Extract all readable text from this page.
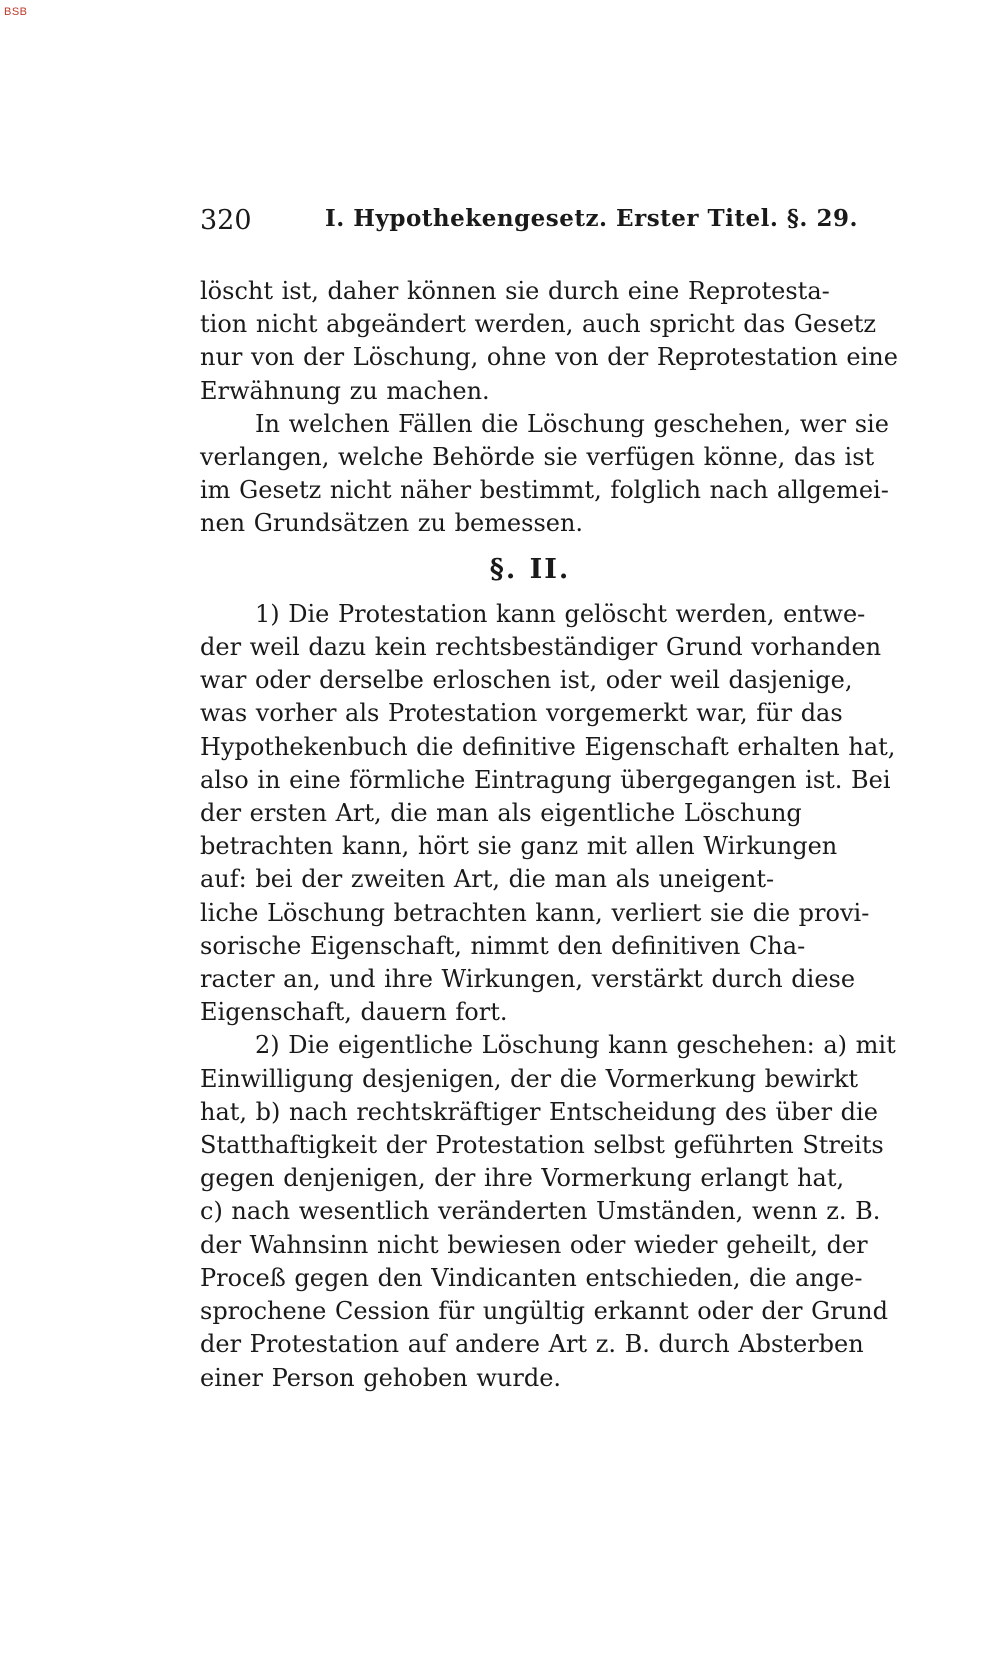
BSB
320	I. Hypothekengesetz. Erster Titel. §. 29.

löscht ist, daher können sie durch eine Reprotesta-
tion nicht abgeändert werden, auch spricht das Gesetz
nur von der Löschung, ohne von der Reprotestation eine
Erwähnung zu machen.

In welchen Fällen die Löschung geschehen, wer sie
verlangen, welche Behörde sie verfügen könne, das ist
im Gesetz nicht näher bestimmt, folglich nach allgemei-
nen Grundsätzen zu bemessen.

§. II.

1) Die Protestation kann gelöscht werden, entwe-
der weil dazu kein rechtsbeständiger Grund vorhanden
war oder derselbe erloschen ist, oder weil dasjenige,
was vorher als Protestation vorgemerkt war, für das
Hypothekenbuch die definitive Eigenschaft erhalten hat,
also in eine förmliche Eintragung übergegangen ist. Bei
der ersten Art, die man als eigentliche Löschung
betrachten kann, hört sie ganz mit allen Wirkungen
auf: bei der zweiten Art, die man als uneigent-
liche Löschung betrachten kann, verliert sie die provi-
sorische Eigenschaft, nimmt den definitiven Cha-
racter an, und ihre Wirkungen, verstärkt durch diese
Eigenschaft, dauern fort.

2) Die eigentliche Löschung kann geschehen: a) mit
Einwilligung desjenigen, der die Vormerkung bewirkt
hat, b) nach rechtskräftiger Entscheidung des über die
Statthaftigkeit der Protestation selbst geführten Streits
gegen denjenigen, der ihre Vormerkung erlangt hat,
c) nach wesentlich veränderten Umständen, wenn z. B.
der Wahnsinn nicht bewiesen oder wieder geheilt, der
Proceß gegen den Vindicanten entschieden, die ange-
sprochene Cession für ungültig erkannt oder der Grund
der Protestation auf andere Art z. B. durch Absterben
einer Person gehoben wurde.
